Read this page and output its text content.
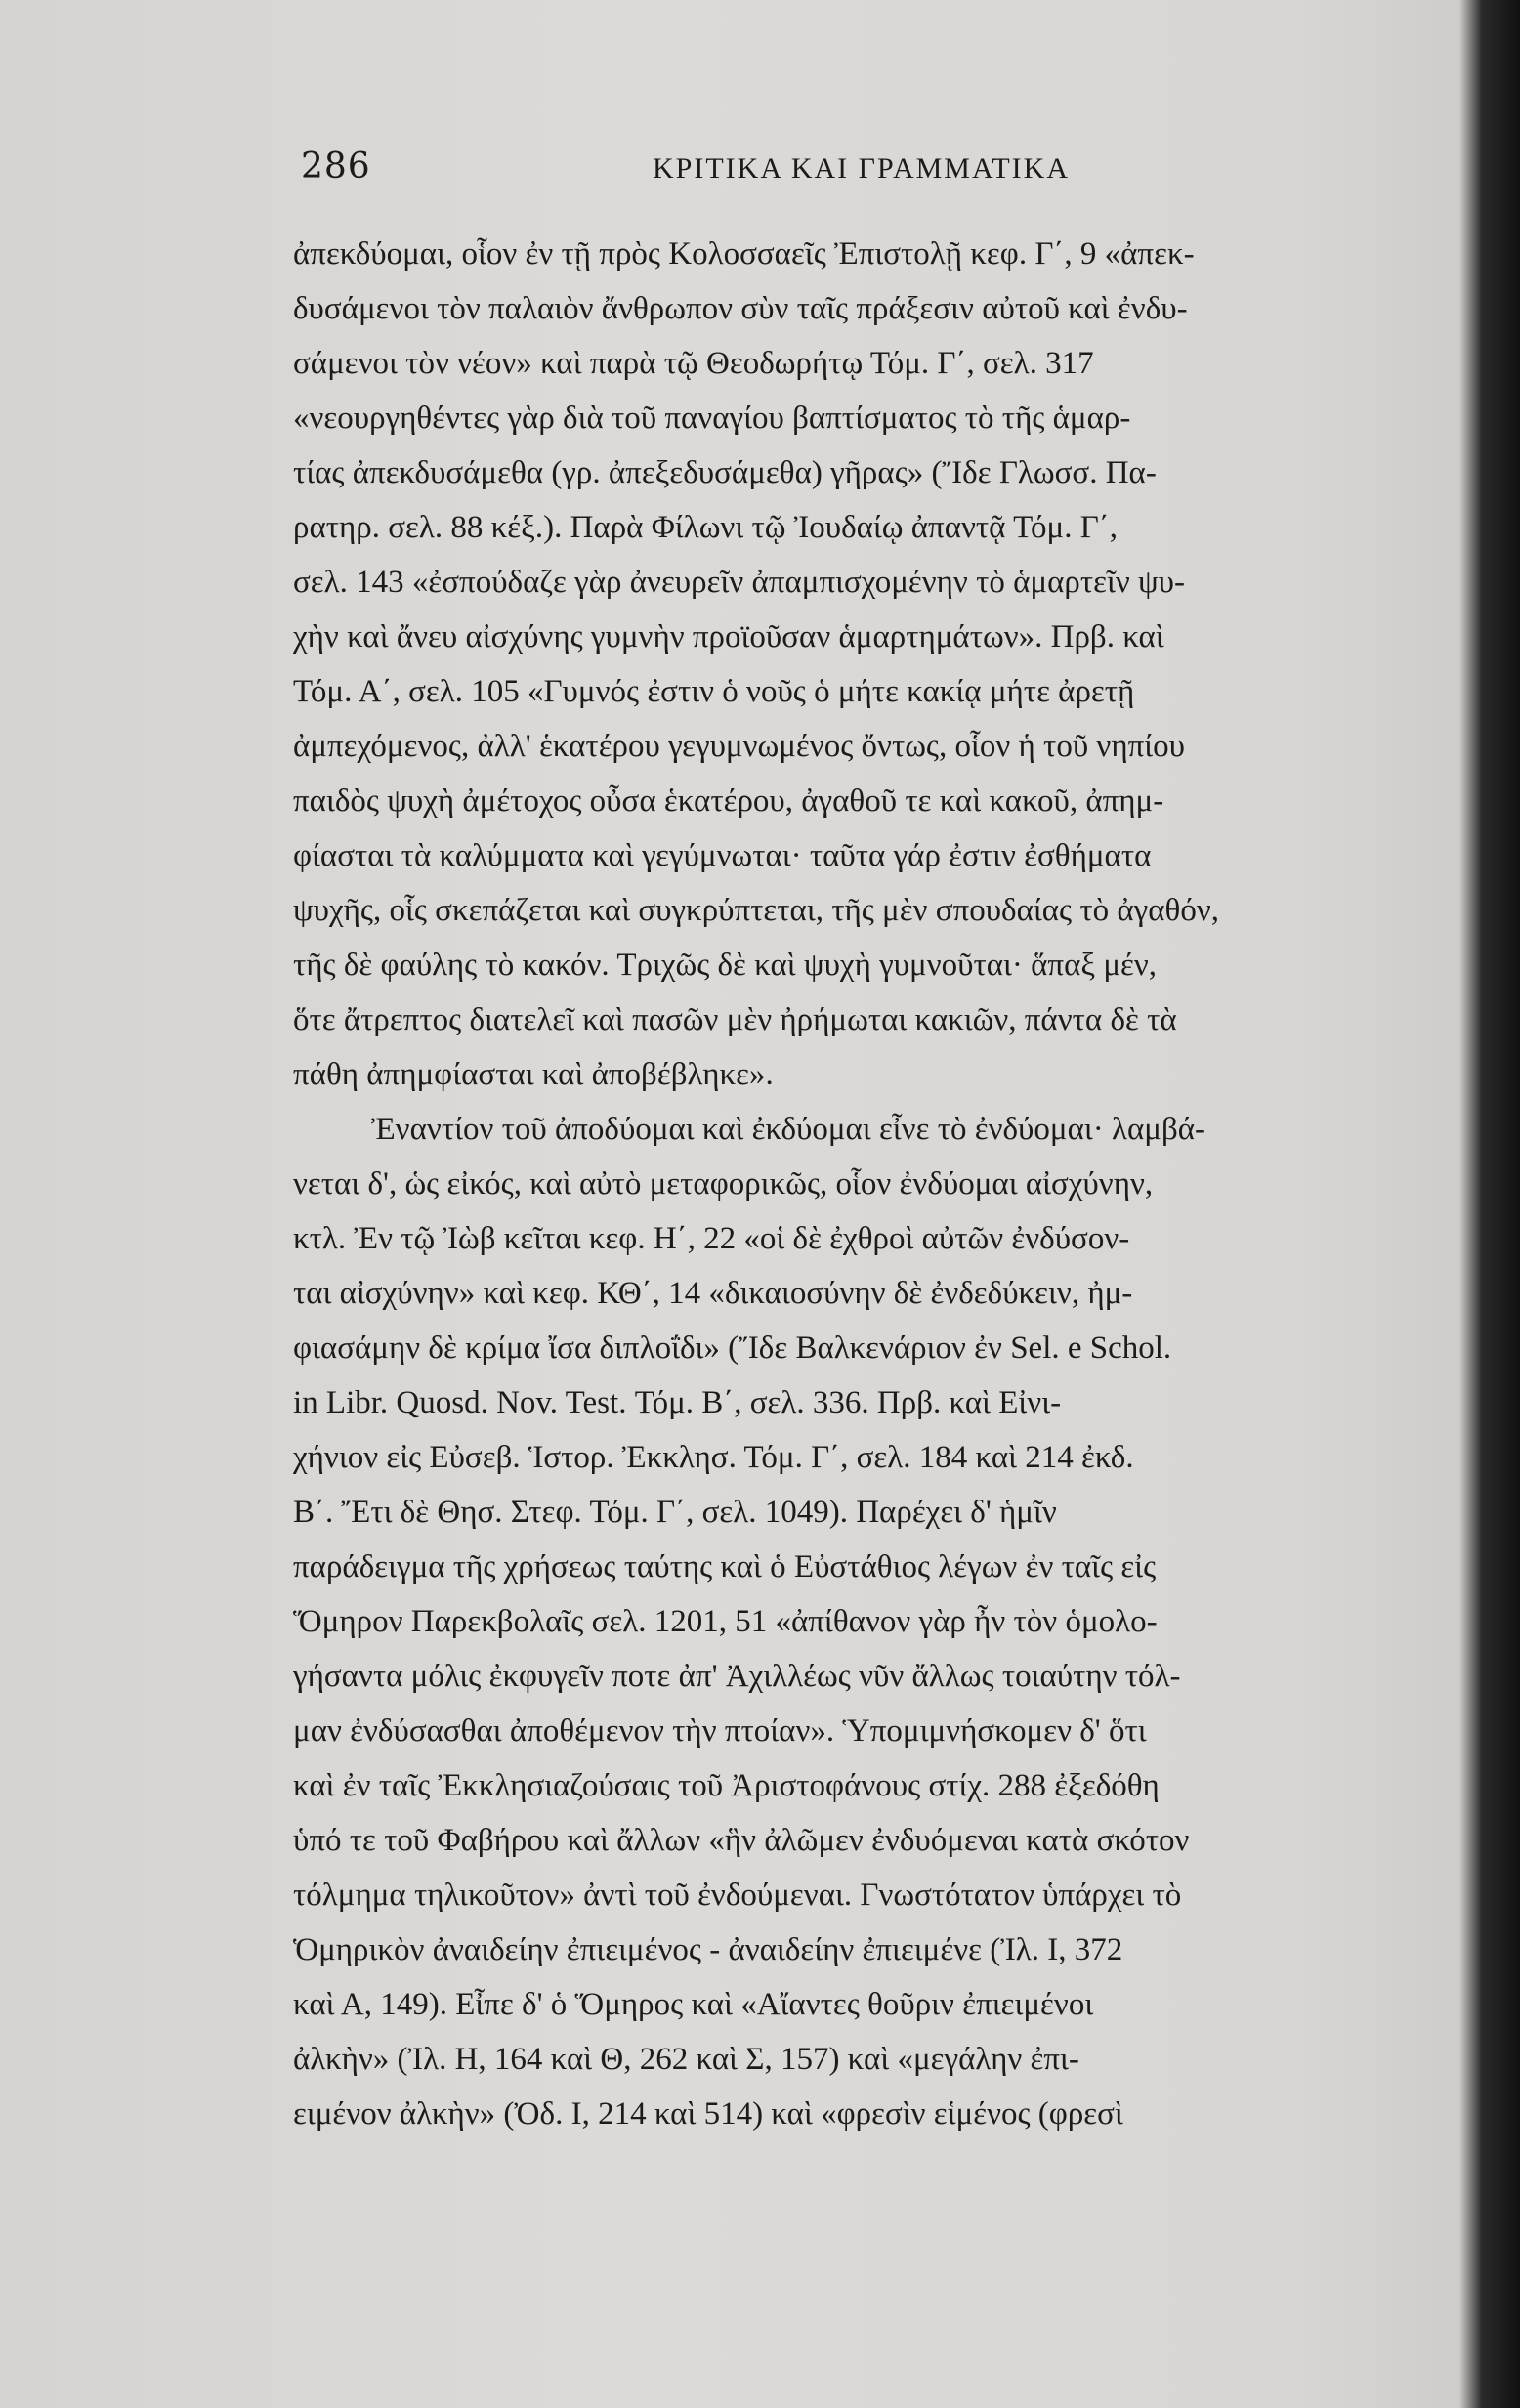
286	ΚΡΙΤΙΚΑ ΚΑΙ ΓΡΑΜΜΑΤΙΚΑ
ἀπεκδύομαι, οἷον ἐν τῇ πρὸς Κολοσσαεῖς Ἐπιστολῇ κεφ. Γ΄, 9 «ἀπεκ-
δυσάμενοι τὸν παλαιὸν ἄνθρωπον σὺν ταῖς πράξεσιν αὐτοῦ καὶ ἐνδυ-
σάμενοι τὸν νέον» καὶ παρὰ τῷ Θεοδωρήτῳ Τόμ. Γ΄, σελ. 317
«νεουργηθέντες γὰρ διὰ τοῦ παναγίου βαπτίσματος τὸ τῆς ἁμαρ-
τίας ἀπεκδυσάμεθα (γρ. ἀπεξεδυσάμεθα) γῆρας» (Ἴδε Γλωσσ. Πα-
ρατηρ. σελ. 88 κέξ.). Παρὰ Φίλωνι τῷ Ἰουδαίῳ ἀπαντᾷ Τόμ. Γ΄,
σελ. 143 «ἐσπούδαζε γὰρ ἀνευρεῖν ἀπαμπισχομένην τὸ ἁμαρτεῖν ψυ-
χὴν καὶ ἄνευ αἰσχύνης γυμνὴν προϊοῦσαν ἁμαρτημάτων». Πρβ. καὶ
Τόμ. Α΄, σελ. 105 «Γυμνός ἐστιν ὁ νοῦς ὁ μήτε κακίᾳ μήτε ἀρετῇ
ἀμπεχόμενος, ἀλλ' ἑκατέρου γεγυμνωμένος ὄντως, οἷον ἡ τοῦ νηπίου
παιδὸς ψυχὴ ἀμέτοχος οὖσα ἑκατέρου, ἀγαθοῦ τε καὶ κακοῦ, ἀπημ-
φίασται τὰ καλύμματα καὶ γεγύμνωται· ταῦτα γάρ ἐστιν ἐσθήματα
ψυχῆς, οἷς σκεπάζεται καὶ συγκρύπτεται, τῆς μὲν σπουδαίας τὸ ἀγαθόν,
τῆς δὲ φαύλης τὸ κακόν. Τριχῶς δὲ καὶ ψυχὴ γυμνοῦται· ἅπαξ μέν,
ὅτε ἄτρεπτος διατελεῖ καὶ πασῶν μὲν ἠρήμωται κακιῶν, πάντα δὲ τὰ
πάθη ἀπημφίασται καὶ ἀποβέβληκε».
Ἐναντίον τοῦ ἀποδύομαι καὶ ἐκδύομαι εἶνε τὸ ἐνδύομαι· λαμβά-
νεται δ', ὡς εἰκός, καὶ αὐτὸ μεταφορικῶς, οἷον ἐνδύομαι αἰσχύνην,
κτλ. Ἐν τῷ Ἰὼβ κεῖται κεφ. Η΄, 22 «οἱ δὲ ἐχθροὶ αὐτῶν ἐνδύσον-
ται αἰσχύνην» καὶ κεφ. ΚΘ΄, 14 «δικαιοσύνην δὲ ἐνδεδύκειν, ἠμ-
φιασάμην δὲ κρίμα ἴσα διπλοΐδι» (Ἴδε Βαλκενάριον ἐν Sel. e Schol.
in Libr. Quosd. Nov. Test. Τόμ. Β΄, σελ. 336. Πρβ. καὶ Εἰνι-
χήνιον εἰς Εὐσεβ. Ἱστορ. Ἐκκλησ. Τόμ. Γ΄, σελ. 184 καὶ 214 ἐκδ.
Β΄. Ἔτι δὲ Θησ. Στεφ. Τόμ. Γ΄, σελ. 1049). Παρέχει δ' ἡμῖν
παράδειγμα τῆς χρήσεως ταύτης καὶ ὁ Εὐστάθιος λέγων ἐν ταῖς εἰς
Ὅμηρον Παρεκβολαῖς σελ. 1201, 51 «ἀπίθανον γὰρ ἦν τὸν ὁμολο-
γήσαντα μόλις ἐκφυγεῖν ποτε ἀπ' Ἀχιλλέως νῦν ἄλλως τοιαύτην τόλ-
μαν ἐνδύσασθαι ἀποθέμενον τὴν πτοίαν». Ὑπομιμνήσκομεν δ' ὅτι
καὶ ἐν ταῖς Ἐκκλησιαζούσαις τοῦ Ἀριστοφάνους στίχ. 288 ἐξεδόθη
ὑπό τε τοῦ Φαβήρου καὶ ἄλλων «ἣν ἀλῶμεν ἐνδυόμεναι κατὰ σκότον
τόλμημα τηλικοῦτον» ἀντὶ τοῦ ἐνδούμεναι. Γνωστότατον ὑπάρχει τὸ
Ὁμηρικὸν ἀναιδείην ἐπιειμένος - ἀναιδείην ἐπιειμένε (Ἰλ. Ι, 372
καὶ Α, 149). Εἶπε δ' ὁ Ὅμηρος καὶ «Αἴαντες θοῦριν ἐπιειμένοι
ἀλκὴν» (Ἰλ. Η, 164 καὶ Θ, 262 καὶ Σ, 157) καὶ «μεγάλην ἐπι-
ειμένον ἀλκὴν» (Ὀδ. Ι, 214 καὶ 514) καὶ «φρεσὶν εἱμένος (φρεσὶ
